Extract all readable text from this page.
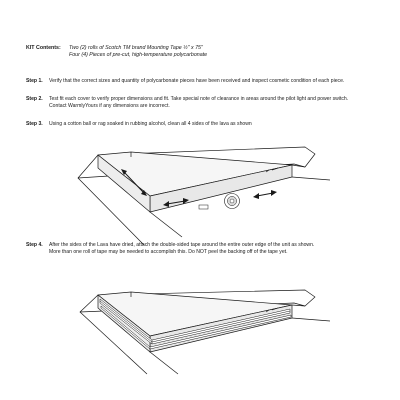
KIT Contents: Two (2) rolls of Scotch TM brand Mounting Tape ½" x 75"
Four (4) Pieces of pre-cut, high-temperature polycarbonate
Step 1. Verify that the correct sizes and quantity of polycarbonate pieces have been received and inspect cosmetic condition of each piece.
Step 2. Test fit each cover to verify proper dimensions and fit. Take special note of clearance in areas around the pilot light and power switch.
Contact WarmlyYours if any dimensions are incorrect.
Step 3. Using a cotton ball or rag soaked in rubbing alcohol, clean all 4 sides of the lava as shown
Step 4. After the sides of the Lava have dried, attach the double-sided tape around the entire outer edge of the unit as shown.
More than one roll of tape may be needed to accomplish this. Do NOT peel the backing off of the tape yet.
